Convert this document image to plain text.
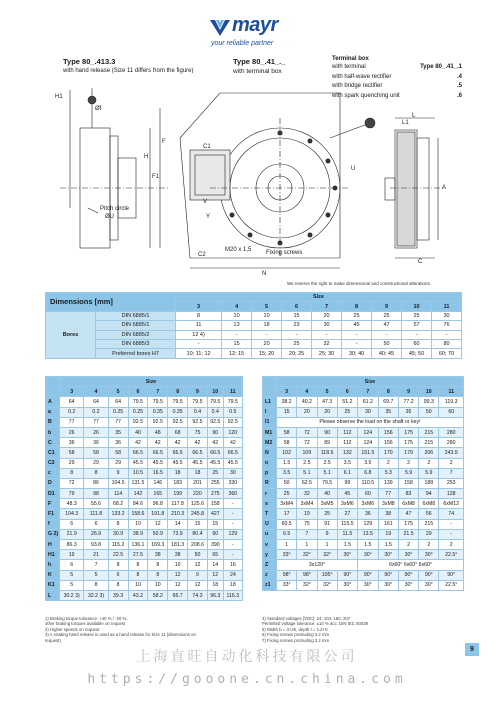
mayr
your reliable partner
Type 80_.413.3
with hand release (Size 11 differs from the figure)
Type 80_.41_._
with terminal box
Terminal box
with terminal	Type 80_.41_.1
with half-wave rectifier	.4
with bridge rectifier	.5
with spark quenching unit	.6
H1
Øf
Pitch circle
ØU
F
F1
H
C1
C2
M20 x 1,5 Fixing screws
N
L
L1
A
C
U
Y
V
We reserve the right to make dimensional and constructional alterations.
Dimensions [mm]		Size								
		3	4	5	6	7	8	9	10	11
Bores	DIN 6885/1	8	10	10	15	20	25	25	25	30
	DIN 6885/1	11	13	18	23	30	45	47	57	76
	DIN 6885/2	12 4)	-	-	-	-	-	-	-	-
	DIN 6885/3	-	15	20	25	32	-	50	60	80
	Preferred bores H7	10; 11; 12	12; 15	15; 20	20; 25	25; 30	30; 40	40; 45	45; 50	60; 70
	Size								
	3	4	5	6	7	8	9	10	11
A	64	64	64	79.5	79.5	79.5	79.5	79.5	79.5
a	0.2	0.2	0.25	0.25	0.35	0.35	0.4	0.4	0.5
B	77	77	77	92.5	92.5	92.5	92.5	92.5	92.5
b	26	26	35	40	48	68	75	90	120
C	36	36	36	42	42	42	42	42	42
C1	58	58	58	66.5	66.5	66.5	66.5	66.5	66.5
C2	29	29	29	45.5	45.5	45.5	45.5	45.5	45.5
c	8	8	9	10.5	16.5	18	18	25	30
D	72	86	104.5	131.5	146	183	201	255	330
D1	79	98	114	142	165	199	220	275	360
F	48.3	55.6	68.2	84.6	96.8	117.8	125.6	158	-
F1	104.3	111.8	133.2	158.6	191.8	210.3	245.8	427	-
f	6	6	8	10	12	14	15	15	-
G 2)	21.9	26.9	30.9	38.9	50.9	73.9	80.4	90	129
H	86.3	93.8	115.2	136.1	169.3	181.3	208.6	390	-
H1	19	21	22.5	27.5	38	38	50	65	-
h	6	7	8	8	8	10	12	14	16
K	5	5	6	8	8	12	9	12	24
K1	5	8	8	10	10	12	12	18	18
L	30.2 3)	32.2 3)	39.3	43.2	58.2	66.7	74.3	96.3	116.3
	Size								
	3	4	5	6	7	8	9	10	11
L1	38.2	40.2	47.3	51.2	61.2	69.7	77.2	99.3	119.3
l	15	20	20	25	30	35	35	50	60
l1	Please observe the load on the shaft or key!								
M1	58	72	90	112	124	156	175	215	280
M2	58	72	89	112	124	156	175	215	280
N	102	109	118.5	132	151.5	170	179	206	243.5
o	1.5	2.5	2.5	3.5	3.5	2	2	2	2
p	3.5	5.1	5.1	6.1	6.8	5.3	5.9	5.9	7
R	50	62.5	79.5	99	110.5	139	158	188	253
r	25	32	40	45	60	77	83	94	128
s	3xM4	3xM4	3xM5	3xM6	3xM6	3xM8	6xM8	6xM8	6xM12
T	17	19	25	27	36	38	47	56	74
U	60.5	75	91	115.5	129	161	175	215	-
u	6.5	7	9	11.5	13.5	19	21.5	29	-
v	1	1	1	1.5	1.5	1.5	2	2	2
y	33°	32°	32°	30°	30°	30°	30°	30°	22.5°
Z	3x120°				6x60° 6x60° 6x60°				
z	98°	98°	105°	90°	90°	90°	90°	90°	90°
z1	33°	32°	32°	30°	30°	30°	30°	30°	22.5°
1) Braking torque tolerance: +40 % / -20 %,
other braking torques available on request
2) Higher speeds on request
3) A rotating hand release is used as a hand release for Size 11 (dimensions on
request)
4) Standard voltages [VDC]: 24; 104; 180; 207
Permitted voltage tolerance: ±10 % acc. DIN IEC 60038
5) Width b = 4+4h, depth t = 1.2+0
6) Fixing screws protruding 3.2 mm
7) Fixing screws protruding 2.2 mm
9
上海直旺自动化科技有限公司
https://gooone.cn.china.com
